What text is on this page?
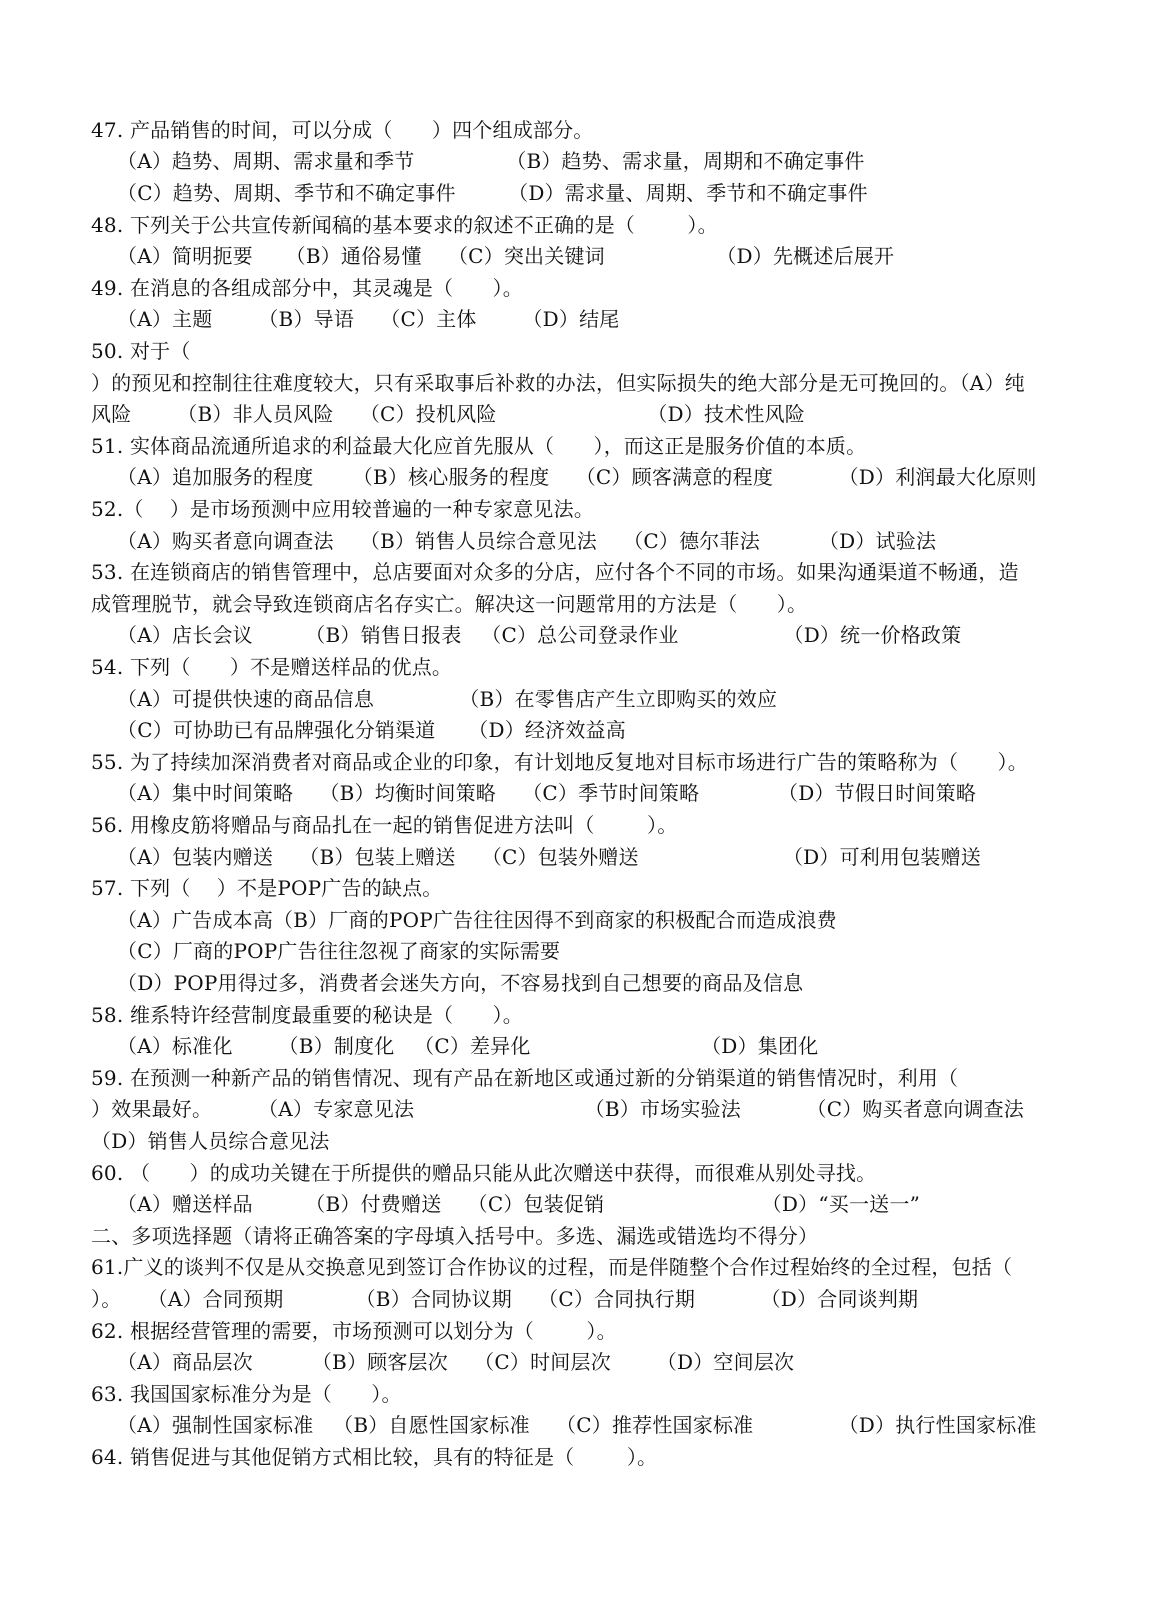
47. 产品销售的时间，可以分成（      ）四个组成部分。
（A）趋势、周期、需求量和季节              （B）趋势、需求量，周期和不确定事件
（C）趋势、周期、季节和不确定事件        （D）需求量、周期、季节和不确定事件
48. 下列关于公共宣传新闻稿的基本要求的叙述不正确的是（        ）。
（A）简明扼要     （B）通俗易懂    （C）突出关键词                 （D）先概述后展开
49. 在消息的各组成部分中，其灵魂是（      ）。
（A）主题       （B）导语    （C）主体       （D）结尾
50. 对于（
）的预见和控制往往难度较大，只有采取事后补救的办法，但实际损失的绝大部分是无可挽回的。（A）纯
风险       （B）非人员风险    （C）投机风险                       （D）技术性风险
51. 实体商品流通所追求的利益最大化应首先服从（      ），而这正是服务价值的本质。
（A）追加服务的程度      （B）核心服务的程度    （C）顾客满意的程度          （D）利润最大化原则
52.（    ）是市场预测中应用较普遍的一种专家意见法。
（A）购买者意向调查法    （B）销售人员综合意见法    （C）德尔菲法         （D）试验法
53. 在连锁商店的销售管理中，总店要面对众多的分店，应付各个不同的市场。如果沟通渠道不畅通，造
成管理脱节，就会导致连锁商店名存实亡。解决这一问题常用的方法是（      ）。
（A）店长会议        （B）销售日报表   （C）总公司登录作业                （D）统一价格政策
54. 下列（      ）不是赠送样品的优点。
（A）可提供快速的商品信息             （B）在零售店产生立即购买的效应
（C）可协助已有品牌强化分销渠道     （D）经济效益高
55. 为了持续加深消费者对商品或企业的印象，有计划地反复地对目标市场进行广告的策略称为（      ）。
（A）集中时间策略    （B）均衡时间策略    （C）季节时间策略            （D）节假日时间策略
56. 用橡皮筋将赠品与商品扎在一起的销售促进方法叫（        ）。
（A）包装内赠送    （B）包装上赠送    （C）包装外赠送                      （D）可利用包装赠送
57. 下列（    ）不是POP广告的缺点。
（A）广告成本高（B）厂商的POP广告往往因得不到商家的积极配合而造成浪费
（C）厂商的POP广告往往忽视了商家的实际需要
（D）POP用得过多，消费者会迷失方向，不容易找到自己想要的商品及信息
58. 维系特许经营制度最重要的秘诀是（      ）。
（A）标准化       （B）制度化   （C）差异化                          （D）集团化
59. 在预测一种新产品的销售情况、现有产品在新地区或通过新的分销渠道的销售情况时，利用（
）效果最好。       （A）专家意见法                          （B）市场实验法          （C）购买者意向调查法
（D）销售人员综合意见法
60. （      ）的成功关键在于所提供的赠品只能从此次赠送中获得，而很难从别处寻找。
（A）赠送样品        （B）付费赠送    （C）包装促销                        （D）“买一送一”
二、多项选择题（请将正确答案的字母填入括号中。多选、漏选或错选均不得分）
61.广义的谈判不仅是从交换意见到签订合作协议的过程，而是伴随整个合作过程始终的全过程，包括（
）。    （A）合同预期           （B）合同协议期    （C）合同执行期          （D）合同谈判期
62. 根据经营管理的需要，市场预测可以划分为（        ）。
（A）商品层次         （B）顾客层次    （C）时间层次       （D）空间层次
63. 我国国家标准分为是（      ）。
（A）强制性国家标准   （B）自愿性国家标准    （C）推荐性国家标准             （D）执行性国家标准
64. 销售促进与其他促销方式相比较，具有的特征是（        ）。
